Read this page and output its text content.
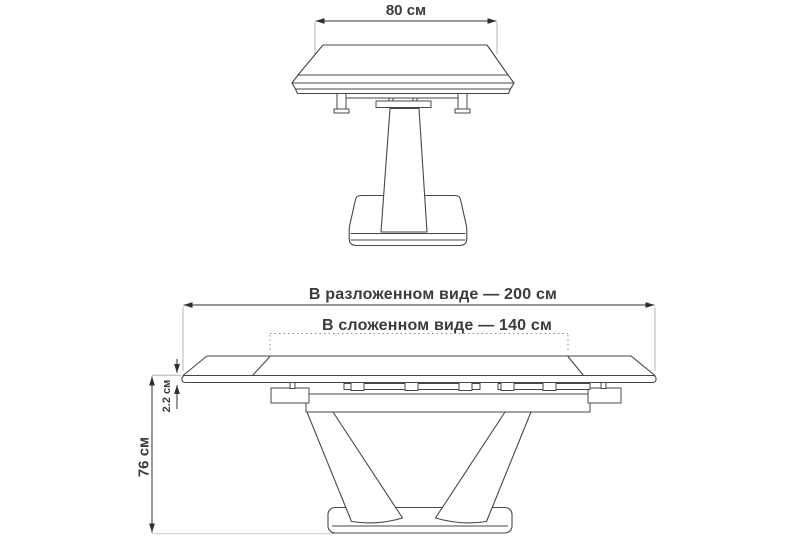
80 см
В разложенном виде — 200 см
В сложенном виде — 140 см
76 см
2.2 см
